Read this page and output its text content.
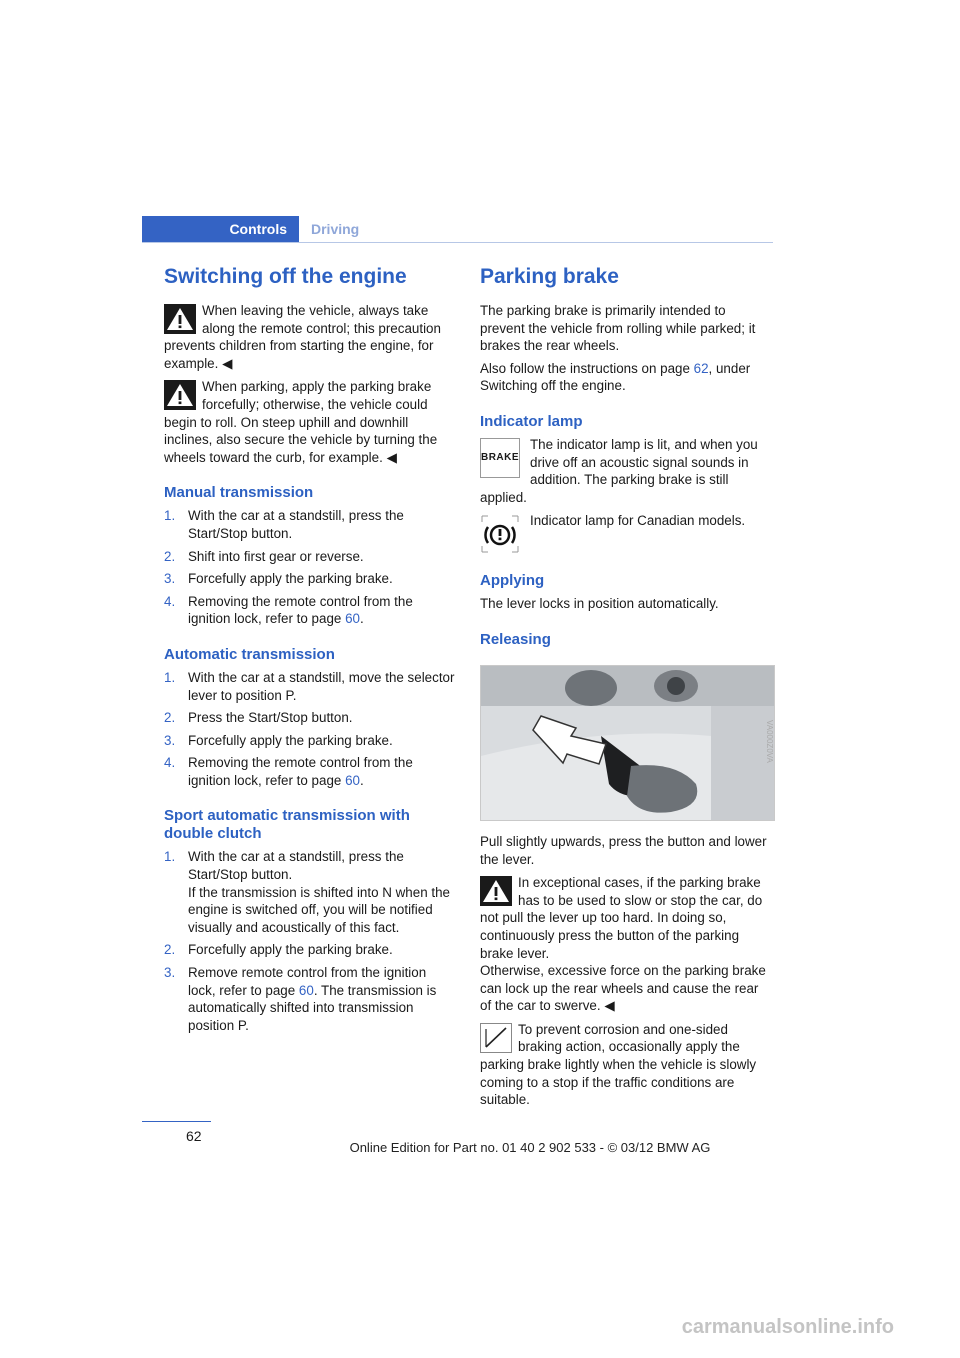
Controls	Driving
Switching off the engine
When leaving the vehicle, always take along the remote control; this precaution prevents children from starting the engine, for example. ◀
When parking, apply the parking brake forcefully; otherwise, the vehicle could begin to roll. On steep uphill and downhill inclines, also secure the vehicle by turning the wheels toward the curb, for example. ◀
Manual transmission
1. With the car at a standstill, press the Start/Stop button.
2. Shift into first gear or reverse.
3. Forcefully apply the parking brake.
4. Removing the remote control from the ignition lock, refer to page 60.
Automatic transmission
1. With the car at a standstill, move the selector lever to position P.
2. Press the Start/Stop button.
3. Forcefully apply the parking brake.
4. Removing the remote control from the ignition lock, refer to page 60.
Sport automatic transmission with double clutch
1. With the car at a standstill, press the Start/Stop button.
If the transmission is shifted into N when the engine is switched off, you will be notified visually and acoustically of this fact.
2. Forcefully apply the parking brake.
3. Remove remote control from the ignition lock, refer to page 60. The transmission is automatically shifted into transmission position P.
Parking brake

The parking brake is primarily intended to prevent the vehicle from rolling while parked; it brakes the rear wheels.

Also follow the instructions on page 62, under Switching off the engine.

Indicator lamp
BRAKE
The indicator lamp is lit, and when you drive off an acoustic signal sounds in addition. The parking brake is still applied.
Indicator lamp for Canadian models.
Applying

The lever locks in position automatically.

Releasing

Pull slightly upwards, press the button and lower the lever.

In exceptional cases, if the parking brake has to be used to slow or stop the car, do not pull the lever up too hard. In doing so, continuously press the button of the parking brake lever.
Otherwise, excessive force on the parking brake can lock up the rear wheels and cause the rear of the car to swerve. ◀
To prevent corrosion and one-sided braking action, occasionally apply the parking brake lightly when the vehicle is slowly coming to a stop if the traffic conditions are suitable.
VA000Z0VA
62
Online Edition for Part no. 01 40 2 902 533 - © 03/12 BMW AG
carmanualsonline.info
